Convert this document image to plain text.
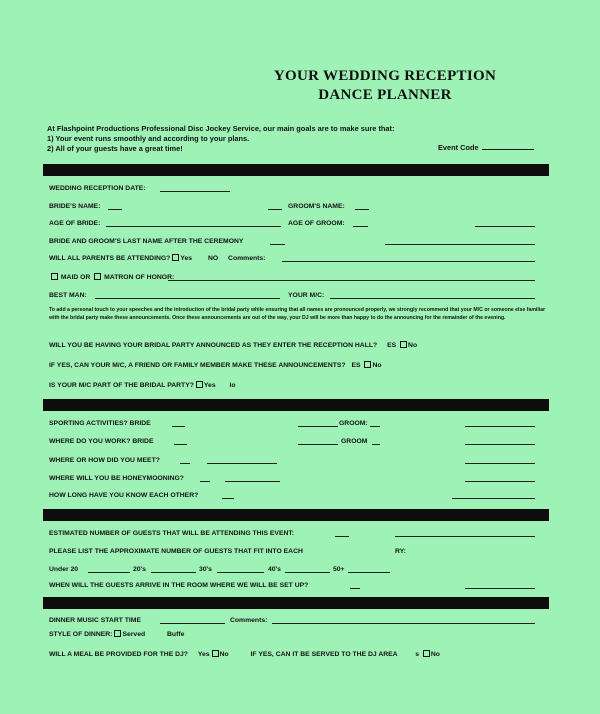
YOUR WEDDING RECEPTION
DANCE PLANNER
At Flashpoint Productions Professional Disc Jockey Service, our main goals are to make sure that:
1) Your event runs smoothly and according to your plans.
2) All of your guests have a great time!	Event Code
WEDDING RECEPTION DATE:
BRIDE'S NAME:	GROOM'S NAME:
AGE OF BRIDE:	AGE OF GROOM:
BRIDE AND GROOM'S LAST NAME AFTER THE CEREMONY
WILL ALL PARENTS BE ATTENDING? Yes NO Comments:
MAID OR MATRON OF HONOR:
BEST MAN:	YOUR M/C:
To add a personal touch to your speeches and the introduction of the bridal party while ensuring that all names are pronounced properly, we strongly recommend that your M/C or someone else familiar with the bridal party make these announcements. Once these announcements are out of the way, your DJ will be more than happy to do the announcing for the remainder of the evening.
WILL YOU BE HAVING YOUR BRIDAL PARTY ANNOUNCED AS THEY ENTER THE RECEPTION HALL? ES No
IF YES, CAN YOUR M/C, A FRIEND OR FAMILY MEMBER MAKE THESE ANNOUNCEMENTS? ES No
IS YOUR M/C PART OF THE BRIDAL PARTY? Yes lo
SPORTING ACTIVITIES? BRIDE	GROOM:
WHERE DO YOU WORK? BRIDE	GROOM
WHERE OR HOW DID YOU MEET?
WHERE WILL YOU BE HONEYMOONING?
HOW LONG HAVE YOU KNOW EACH OTHER?
ESTIMATED NUMBER OF GUESTS THAT WILL BE ATTENDING THIS EVENT:
PLEASE LIST THE APPROXIMATE NUMBER OF GUESTS THAT FIT INTO EACH	RY:
Under 20	20's	30's	40's	50+
WHEN WILL THE GUESTS ARRIVE IN THE ROOM WHERE WE WILL BE SET UP?
DINNER MUSIC START TIME	Comments:
STYLE OF DINNER: Served	Buffe
WILL A MEAL BE PROVIDED FOR THE DJ? Yes No	IF YES, CAN IT BE SERVED TO THE DJ AREA	s No
